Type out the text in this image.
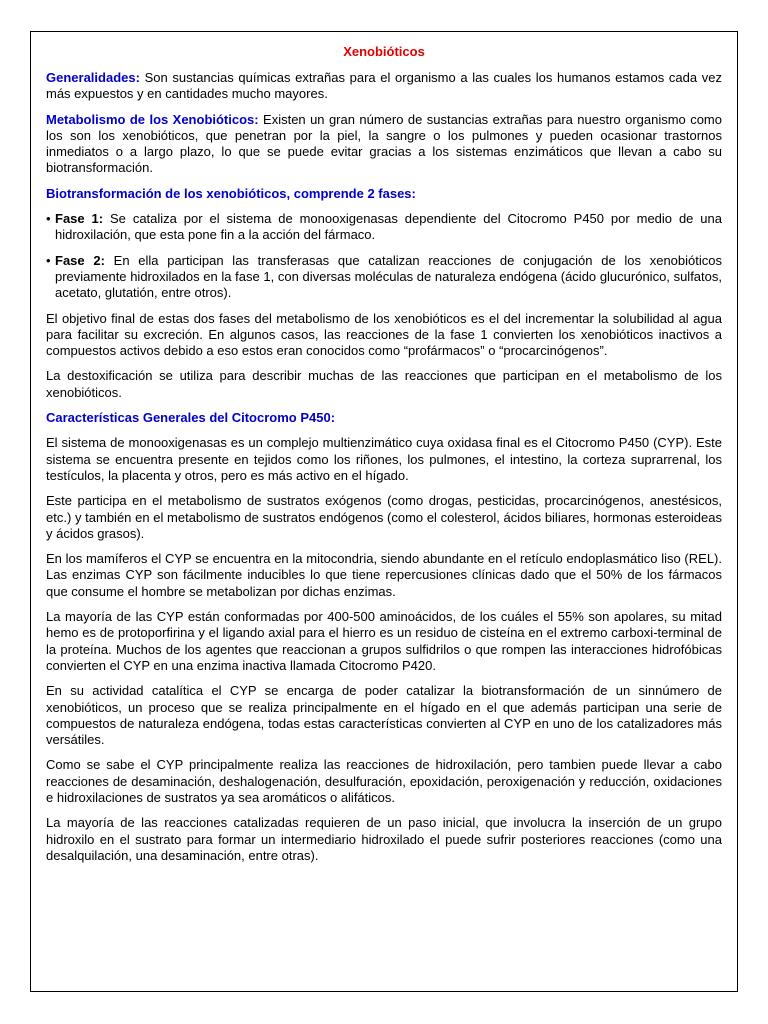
Xenobióticos

Generalidades: Son sustancias químicas extrañas para el organismo a las cuales los humanos estamos cada vez más expuestos y en cantidades mucho mayores.

Metabolismo de los Xenobióticos: Existen un gran número de sustancias extrañas para nuestro organismo como los son los xenobióticos, que penetran por la piel, la sangre o los pulmones y pueden ocasionar trastornos inmediatos o a largo plazo, lo que se puede evitar gracias a los sistemas enzimáticos que llevan a cabo su biotransformación.

Biotransformación de los xenobióticos, comprende 2 fases:

• Fase 1: Se cataliza por el sistema de monooxigenasas dependiente del Citocromo P450 por medio de una hidroxilación, que esta pone fin a la acción del fármaco.
• Fase 2: En ella participan las transferasas que catalizan reacciones de conjugación de los xenobióticos previamente hidroxilados en la fase 1, con diversas moléculas de naturaleza endógena (ácido glucurónico, sulfatos, acetato, glutatión, entre otros).

El objetivo final de estas dos fases del metabolismo de los xenobióticos es el del incrementar la solubilidad al agua para facilitar su excreción. En algunos casos, las reacciones de la fase 1 convierten los xenobióticos inactivos a compuestos activos debido a eso estos eran conocidos como “profármacos” o “procarcinógenos”.

La destoxificación se utiliza para describir muchas de las reacciones que participan en el metabolismo de los xenobióticos.

Características Generales del Citocromo P450:

El sistema de monooxigenasas es un complejo multienzimático cuya oxidasa final es el Citocromo P450 (CYP). Este sistema se encuentra presente en tejidos como los riñones, los pulmones, el intestino, la corteza suprarrenal, los testículos, la placenta y otros, pero es más activo en el hígado.

Este participa en el metabolismo de sustratos exógenos (como drogas, pesticidas, procarcinógenos, anestésicos, etc.) y también en el metabolismo de sustratos endógenos (como el colesterol, ácidos biliares, hormonas esteroideas y ácidos grasos).

En los mamíferos el CYP se encuentra en la mitocondria, siendo abundante en el retículo endoplasmático liso (REL). Las enzimas CYP son fácilmente inducibles lo que tiene repercusiones clínicas dado que el 50% de los fármacos que consume el hombre se metabolizan por dichas enzimas.

La mayoría de las CYP están conformadas por 400-500 aminoácidos, de los cuáles el 55% son apolares, su mitad hemo es de protoporfirina y el ligando axial para el hierro es un residuo de cisteína en el extremo carboxi-terminal de la proteína. Muchos de los agentes que reaccionan a grupos sulfidrilos o que rompen las interacciones hidrofóbicas convierten el CYP en una enzima inactiva llamada Citocromo P420.

En su actividad catalítica el CYP se encarga de poder catalizar la biotransformación de un sinnúmero de xenobióticos, un proceso que se realiza principalmente en el hígado en el que además participan una serie de compuestos de naturaleza endógena, todas estas características convierten al CYP en uno de los catalizadores más versátiles.

Como se sabe el CYP principalmente realiza las reacciones de hidroxilación, pero tambien puede llevar a cabo reacciones de desaminación, deshalogenación, desulfuración, epoxidación, peroxigenación y reducción, oxidaciones e hidroxilaciones de sustratos ya sea aromáticos o alifáticos.

La mayoría de las reacciones catalizadas requieren de un paso inicial, que involucra la inserción de un grupo hidroxilo en el sustrato para formar un intermediario hidroxilado el puede sufrir posteriores reacciones (como una desalquilación, una desaminación, entre otras).
